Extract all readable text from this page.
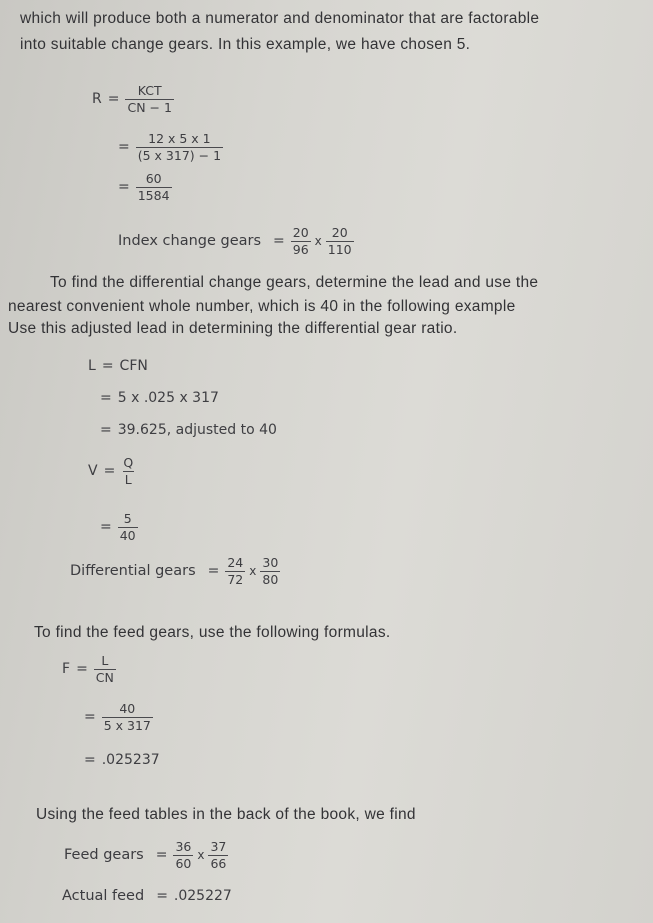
which will produce both a numerator and denominator that are factorable
into suitable change gears. In this example, we have chosen 5.
$R = \frac{\text{KCT}}{CN - 1}$
= $\frac{12 x 5 x 1}{(5 x 317) - 1}$
= $\frac{60}{1584}$
Index change gears = $\frac{20}{96}$ x $\frac{20}{110}$
To find the differential change gears, determine the lead and use the
nearest convenient whole number, which is 40 in the following example
Use this adjusted lead in determining the differential gear ratio.
L = CFN
= 5 x .025 x 317
= 39.625, adjusted to 40
$V = \frac{Q}{L}$
= $\frac{5}{40}$
Differential gears = $\frac{24}{72}$ x $\frac{30}{80}$
To find the feed gears, use the following formulas.
$F = \frac{L}{CN}$
= $\frac{40}{5 x 317}$
= .025237
Using the feed tables in the back of the book, we find
Feed gears = $\frac{36}{60}$ x $\frac{37}{66}$
Actual feed = .025227
